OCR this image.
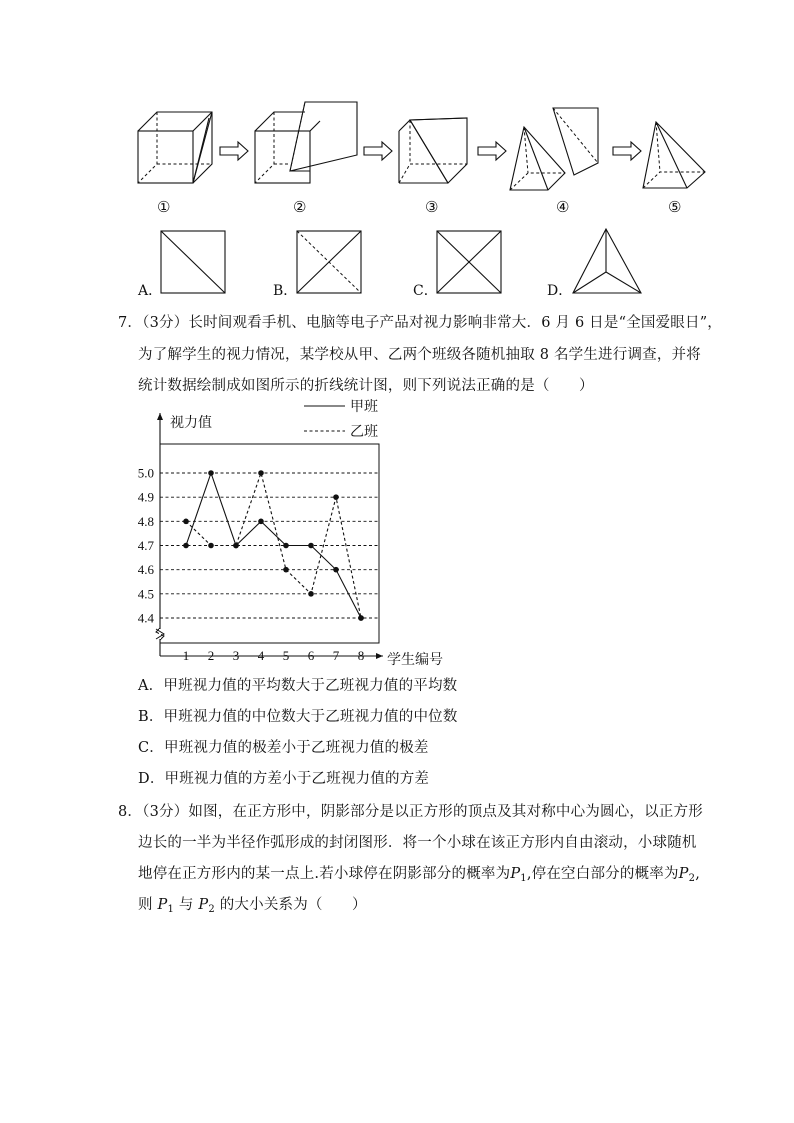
①	②	③	④	⑤
A．	B．	C．	D．
7．（3分）长时间观看手机、电脑等电子产品对视力影响非常大．6 月 6 日是“全国爱眼日”，
为了解学生的视力情况，某学校从甲、乙两个班级各随机抽取 8 名学生进行调查，并将
统计数据绘制成如图所示的折线统计图，则下列说法正确的是（　　）
5.0
4.9
4.8
4.7
4.6
4.5
4.4
1 2 3 4 5 6 7 8
视力值
学生编号
甲班
乙班
A．甲班视力值的平均数大于乙班视力值的平均数
B．甲班视力值的中位数大于乙班视力值的中位数
C．甲班视力值的极差小于乙班视力值的极差
D．甲班视力值的方差小于乙班视力值的方差
8．（3分）如图，在正方形中，阴影部分是以正方形的顶点及其对称中心为圆心，以正方形
边长的一半为半径作弧形成的封闭图形．将一个小球在该正方形内自由滚动，小球随机
地停在正方形内的某一点上.若小球停在阴影部分的概率为$P_1$,停在空白部分的概率为$P_2$,
则 $P_1$ 与 $P_2$ 的大小关系为（　　）
